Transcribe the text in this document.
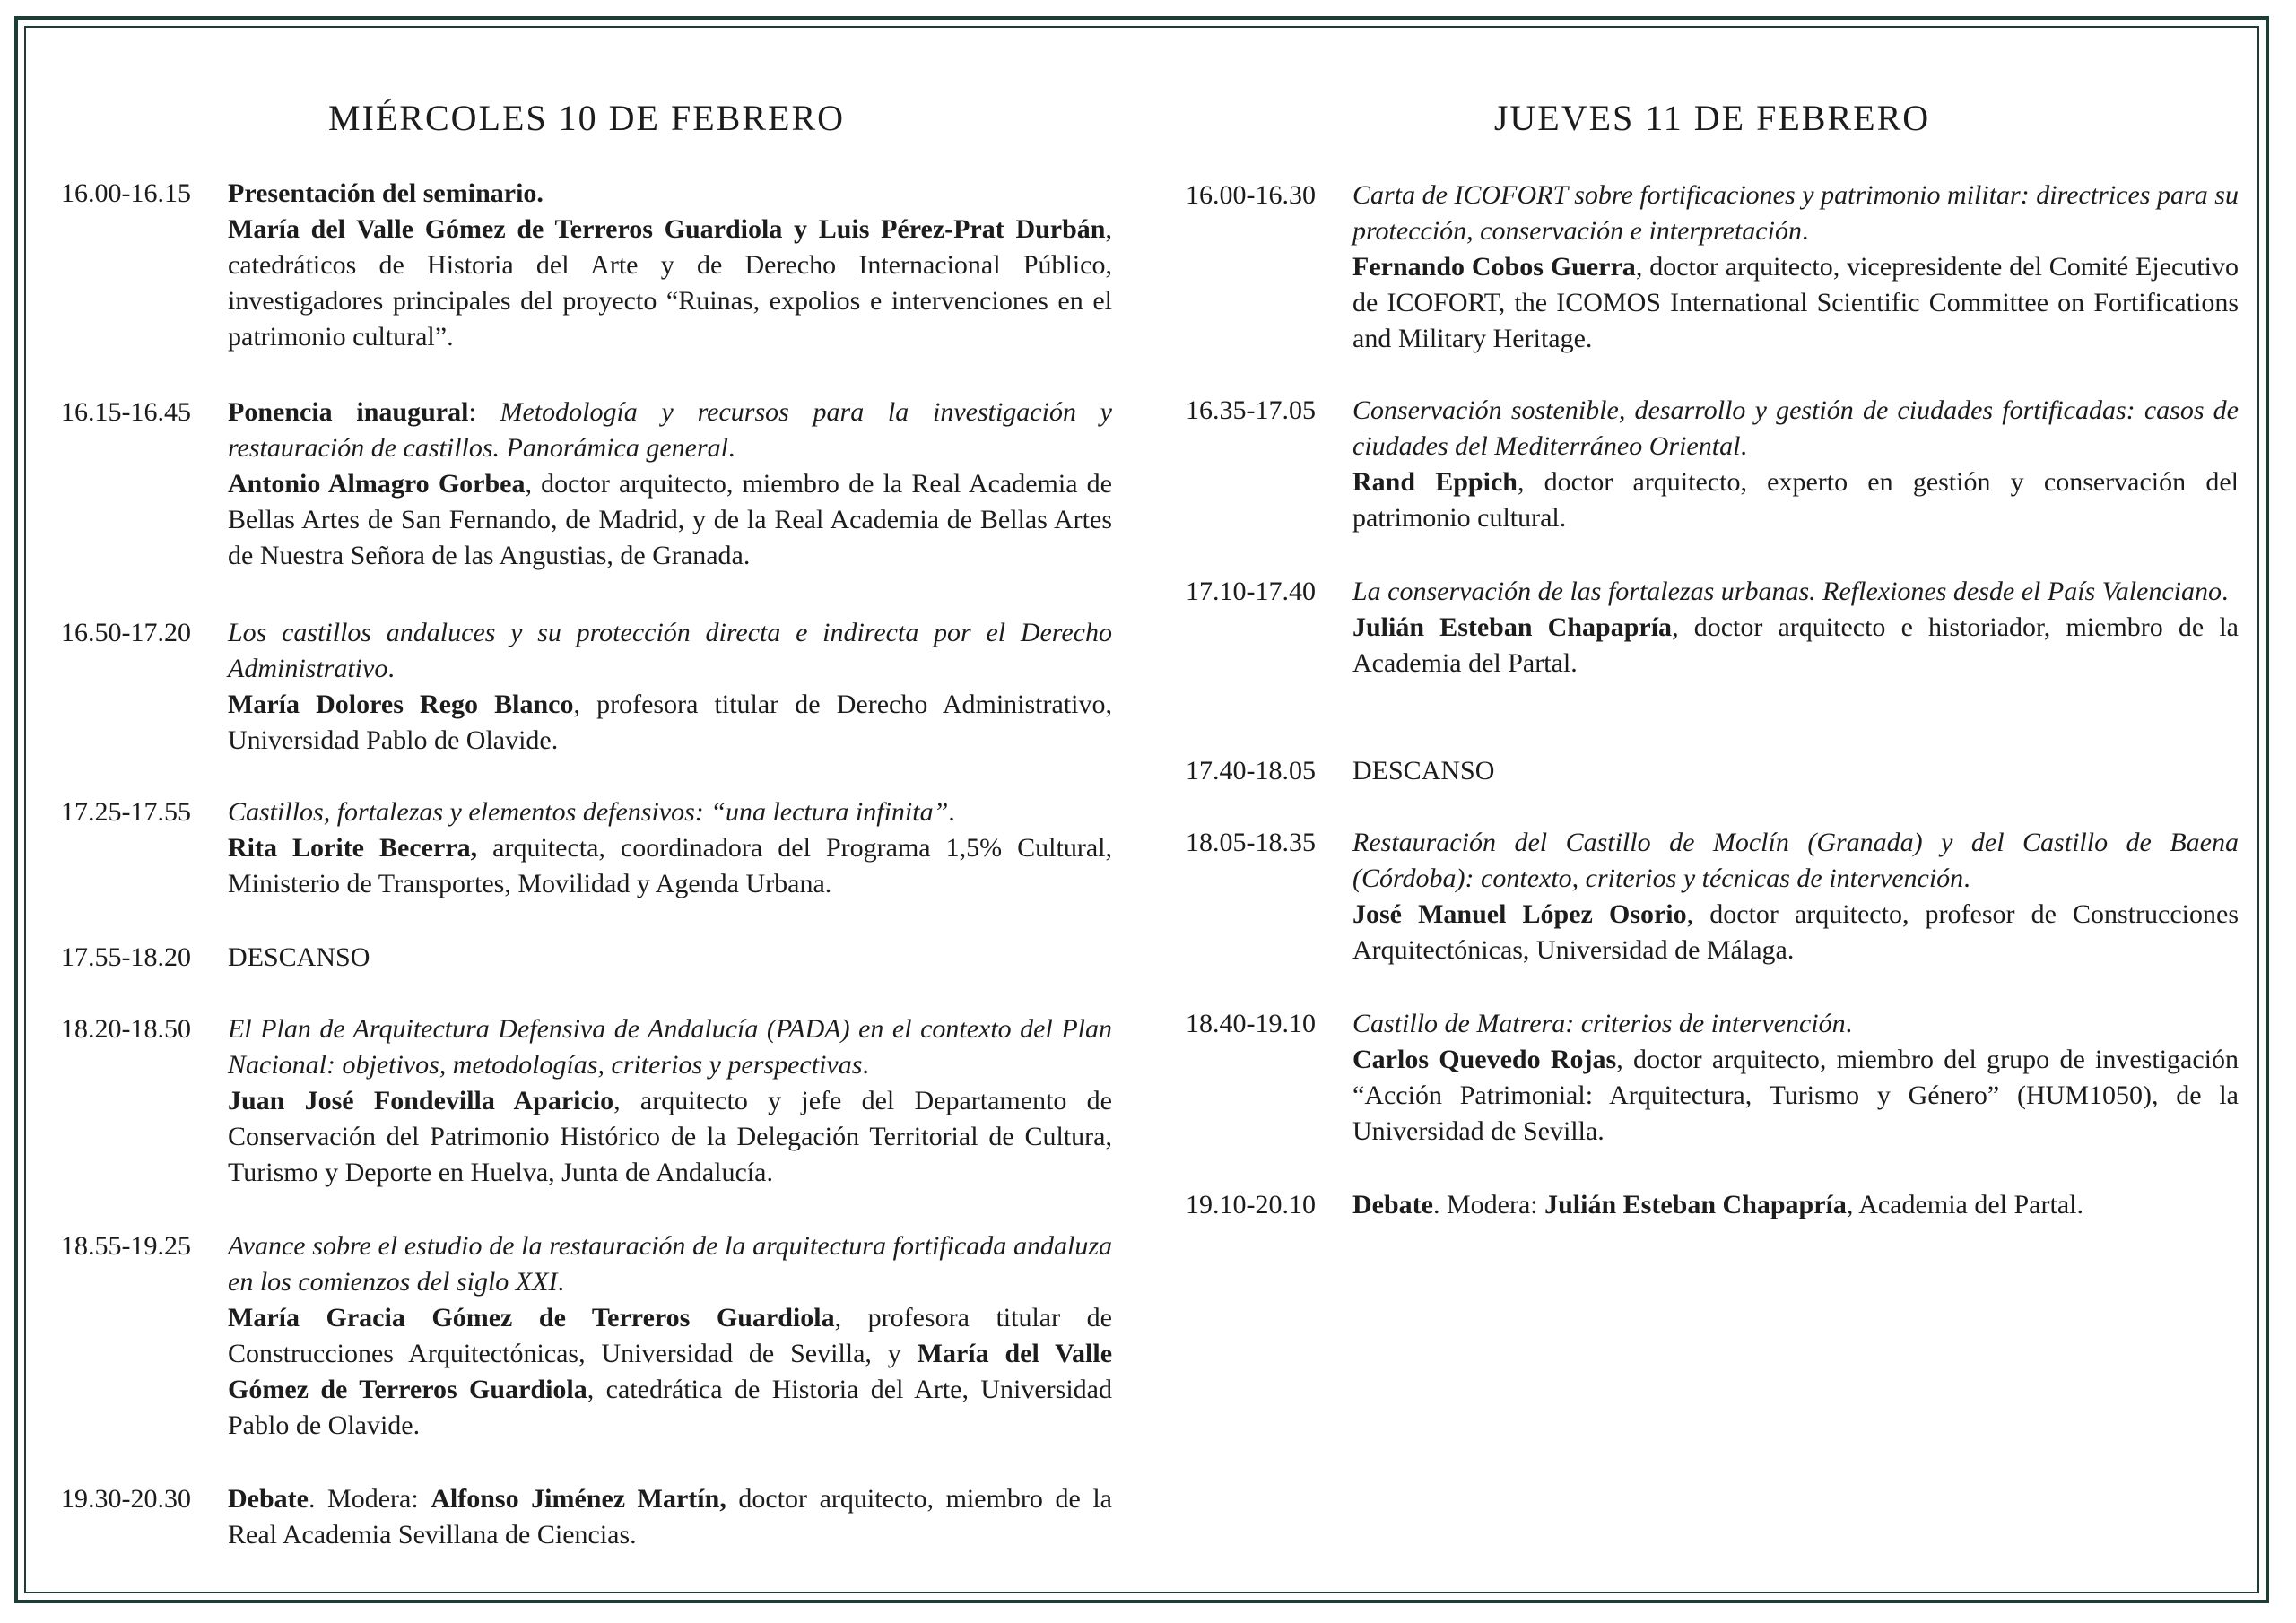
MIÉRCOLES 10 DE FEBRERO
16.00-16.15	Presentación del seminario.
María del Valle Gómez de Terreros Guardiola y Luis Pérez-Prat Durbán, catedráticos de Historia del Arte y de Derecho Internacional Público, investigadores principales del proyecto “Ruinas, expolios e intervenciones en el patrimonio cultural”.
16.15-16.45	Ponencia inaugural: Metodología y recursos para la investigación y restauración de castillos. Panorámica general.
Antonio Almagro Gorbea, doctor arquitecto, miembro de la Real Academia de Bellas Artes de San Fernando, de Madrid, y de la Real Academia de Bellas Artes de Nuestra Señora de las Angustias, de Granada.
16.50-17.20	Los castillos andaluces y su protección directa e indirecta por el Derecho Administrativo.
María Dolores Rego Blanco, profesora titular de Derecho Administrativo, Universidad Pablo de Olavide.
17.25-17.55	Castillos, fortalezas y elementos defensivos: “una lectura infinita”.
Rita Lorite Becerra, arquitecta, coordinadora del Programa 1,5% Cultural, Ministerio de Transportes, Movilidad y Agenda Urbana.
17.55-18.20	DESCANSO
18.20-18.50	El Plan de Arquitectura Defensiva de Andalucía (PADA) en el contexto del Plan Nacional: objetivos, metodologías, criterios y perspectivas.
Juan José Fondevilla Aparicio, arquitecto y jefe del Departamento de Conservación del Patrimonio Histórico de la Delegación Territorial de Cultura, Turismo y Deporte en Huelva, Junta de Andalucía.
18.55-19.25	Avance sobre el estudio de la restauración de la arquitectura fortificada andaluza en los comienzos del siglo XXI.
María Gracia Gómez de Terreros Guardiola, profesora titular de Construcciones Arquitectónicas, Universidad de Sevilla, y María del Valle Gómez de Terreros Guardiola, catedrática de Historia del Arte, Universidad Pablo de Olavide.
19.30-20.30	Debate. Modera: Alfonso Jiménez Martín, doctor arquitecto, miembro de la Real Academia Sevillana de Ciencias.
JUEVES 11 DE FEBRERO
16.00-16.30	Carta de ICOFORT sobre fortificaciones y patrimonio militar: directrices para su protección, conservación e interpretación.
Fernando Cobos Guerra, doctor arquitecto, vicepresidente del Comité Ejecutivo de ICOFORT, the ICOMOS International Scientific Committee on Fortifications and Military Heritage.
16.35-17.05	Conservación sostenible, desarrollo y gestión de ciudades fortificadas: casos de ciudades del Mediterráneo Oriental.
Rand Eppich, doctor arquitecto, experto en gestión y conservación del patrimonio cultural.
17.10-17.40	La conservación de las fortalezas urbanas. Reflexiones desde el País Valenciano.
Julián Esteban Chapapría, doctor arquitecto e historiador, miembro de la Academia del Partal.
17.40-18.05	DESCANSO
18.05-18.35	Restauración del Castillo de Moclín (Granada) y del Castillo de Baena (Córdoba): contexto, criterios y técnicas de intervención.
José Manuel López Osorio, doctor arquitecto, profesor de Construcciones Arquitectónicas, Universidad de Málaga.
18.40-19.10	Castillo de Matrera: criterios de intervención.
Carlos Quevedo Rojas, doctor arquitecto, miembro del grupo de investigación “Acción Patrimonial: Arquitectura, Turismo y Género” (HUM1050), de la Universidad de Sevilla.
19.10-20.10	Debate. Modera: Julián Esteban Chapapría, Academia del Partal.
